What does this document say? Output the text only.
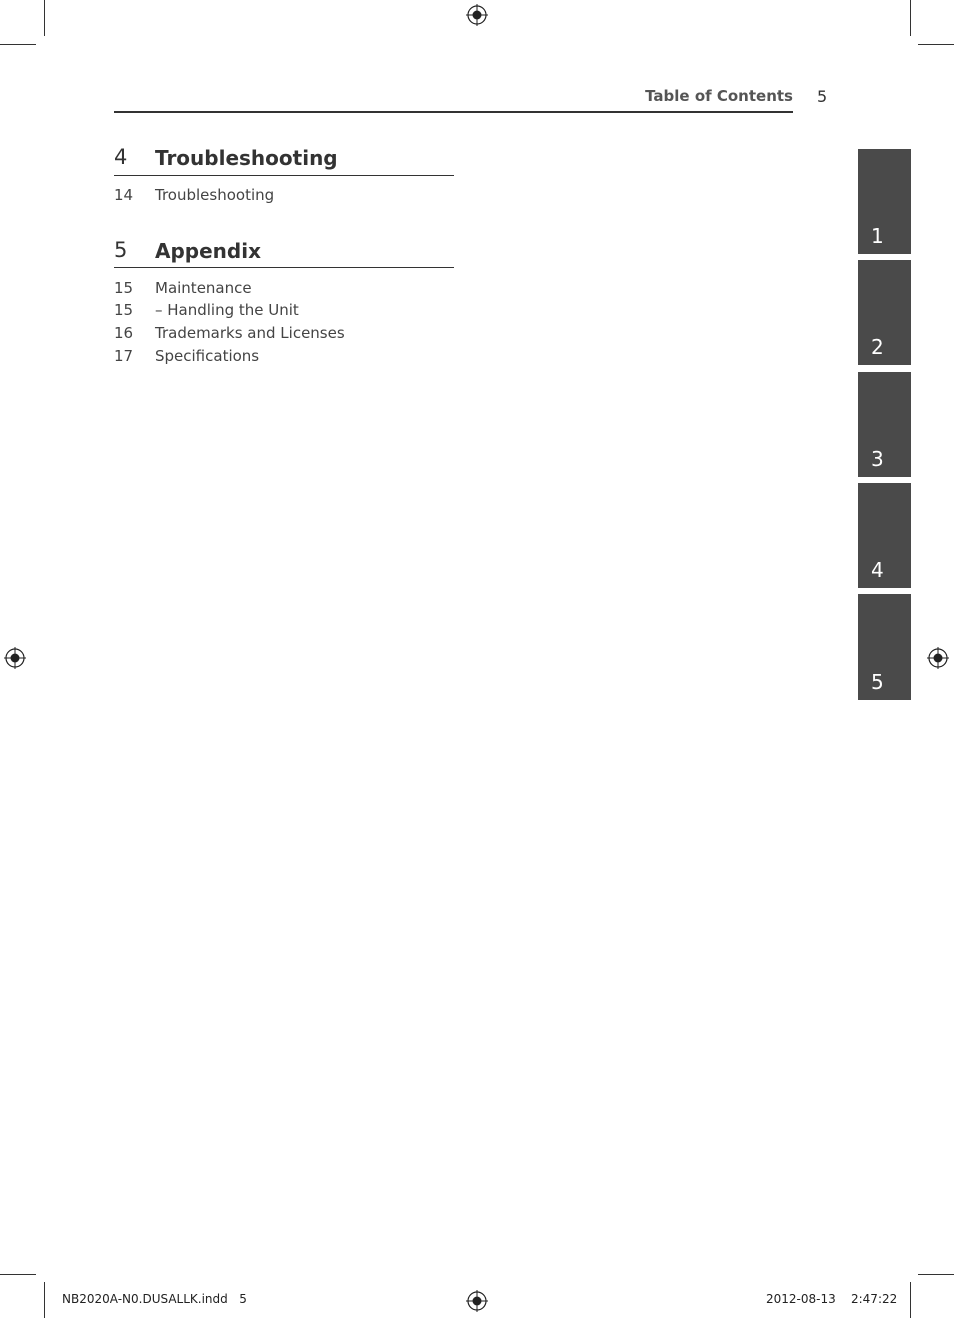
Table of Contents 5
4 Troubleshooting
14 Troubleshooting
5 Appendix
15 Maintenance
15 – Handling the Unit
16 Trademarks and Licenses
17 Specifications
1
2
3
4
5
NB2020A-N0.DUSALLK.indd   5	2012-08-13   ￼￼ 2:47:22
